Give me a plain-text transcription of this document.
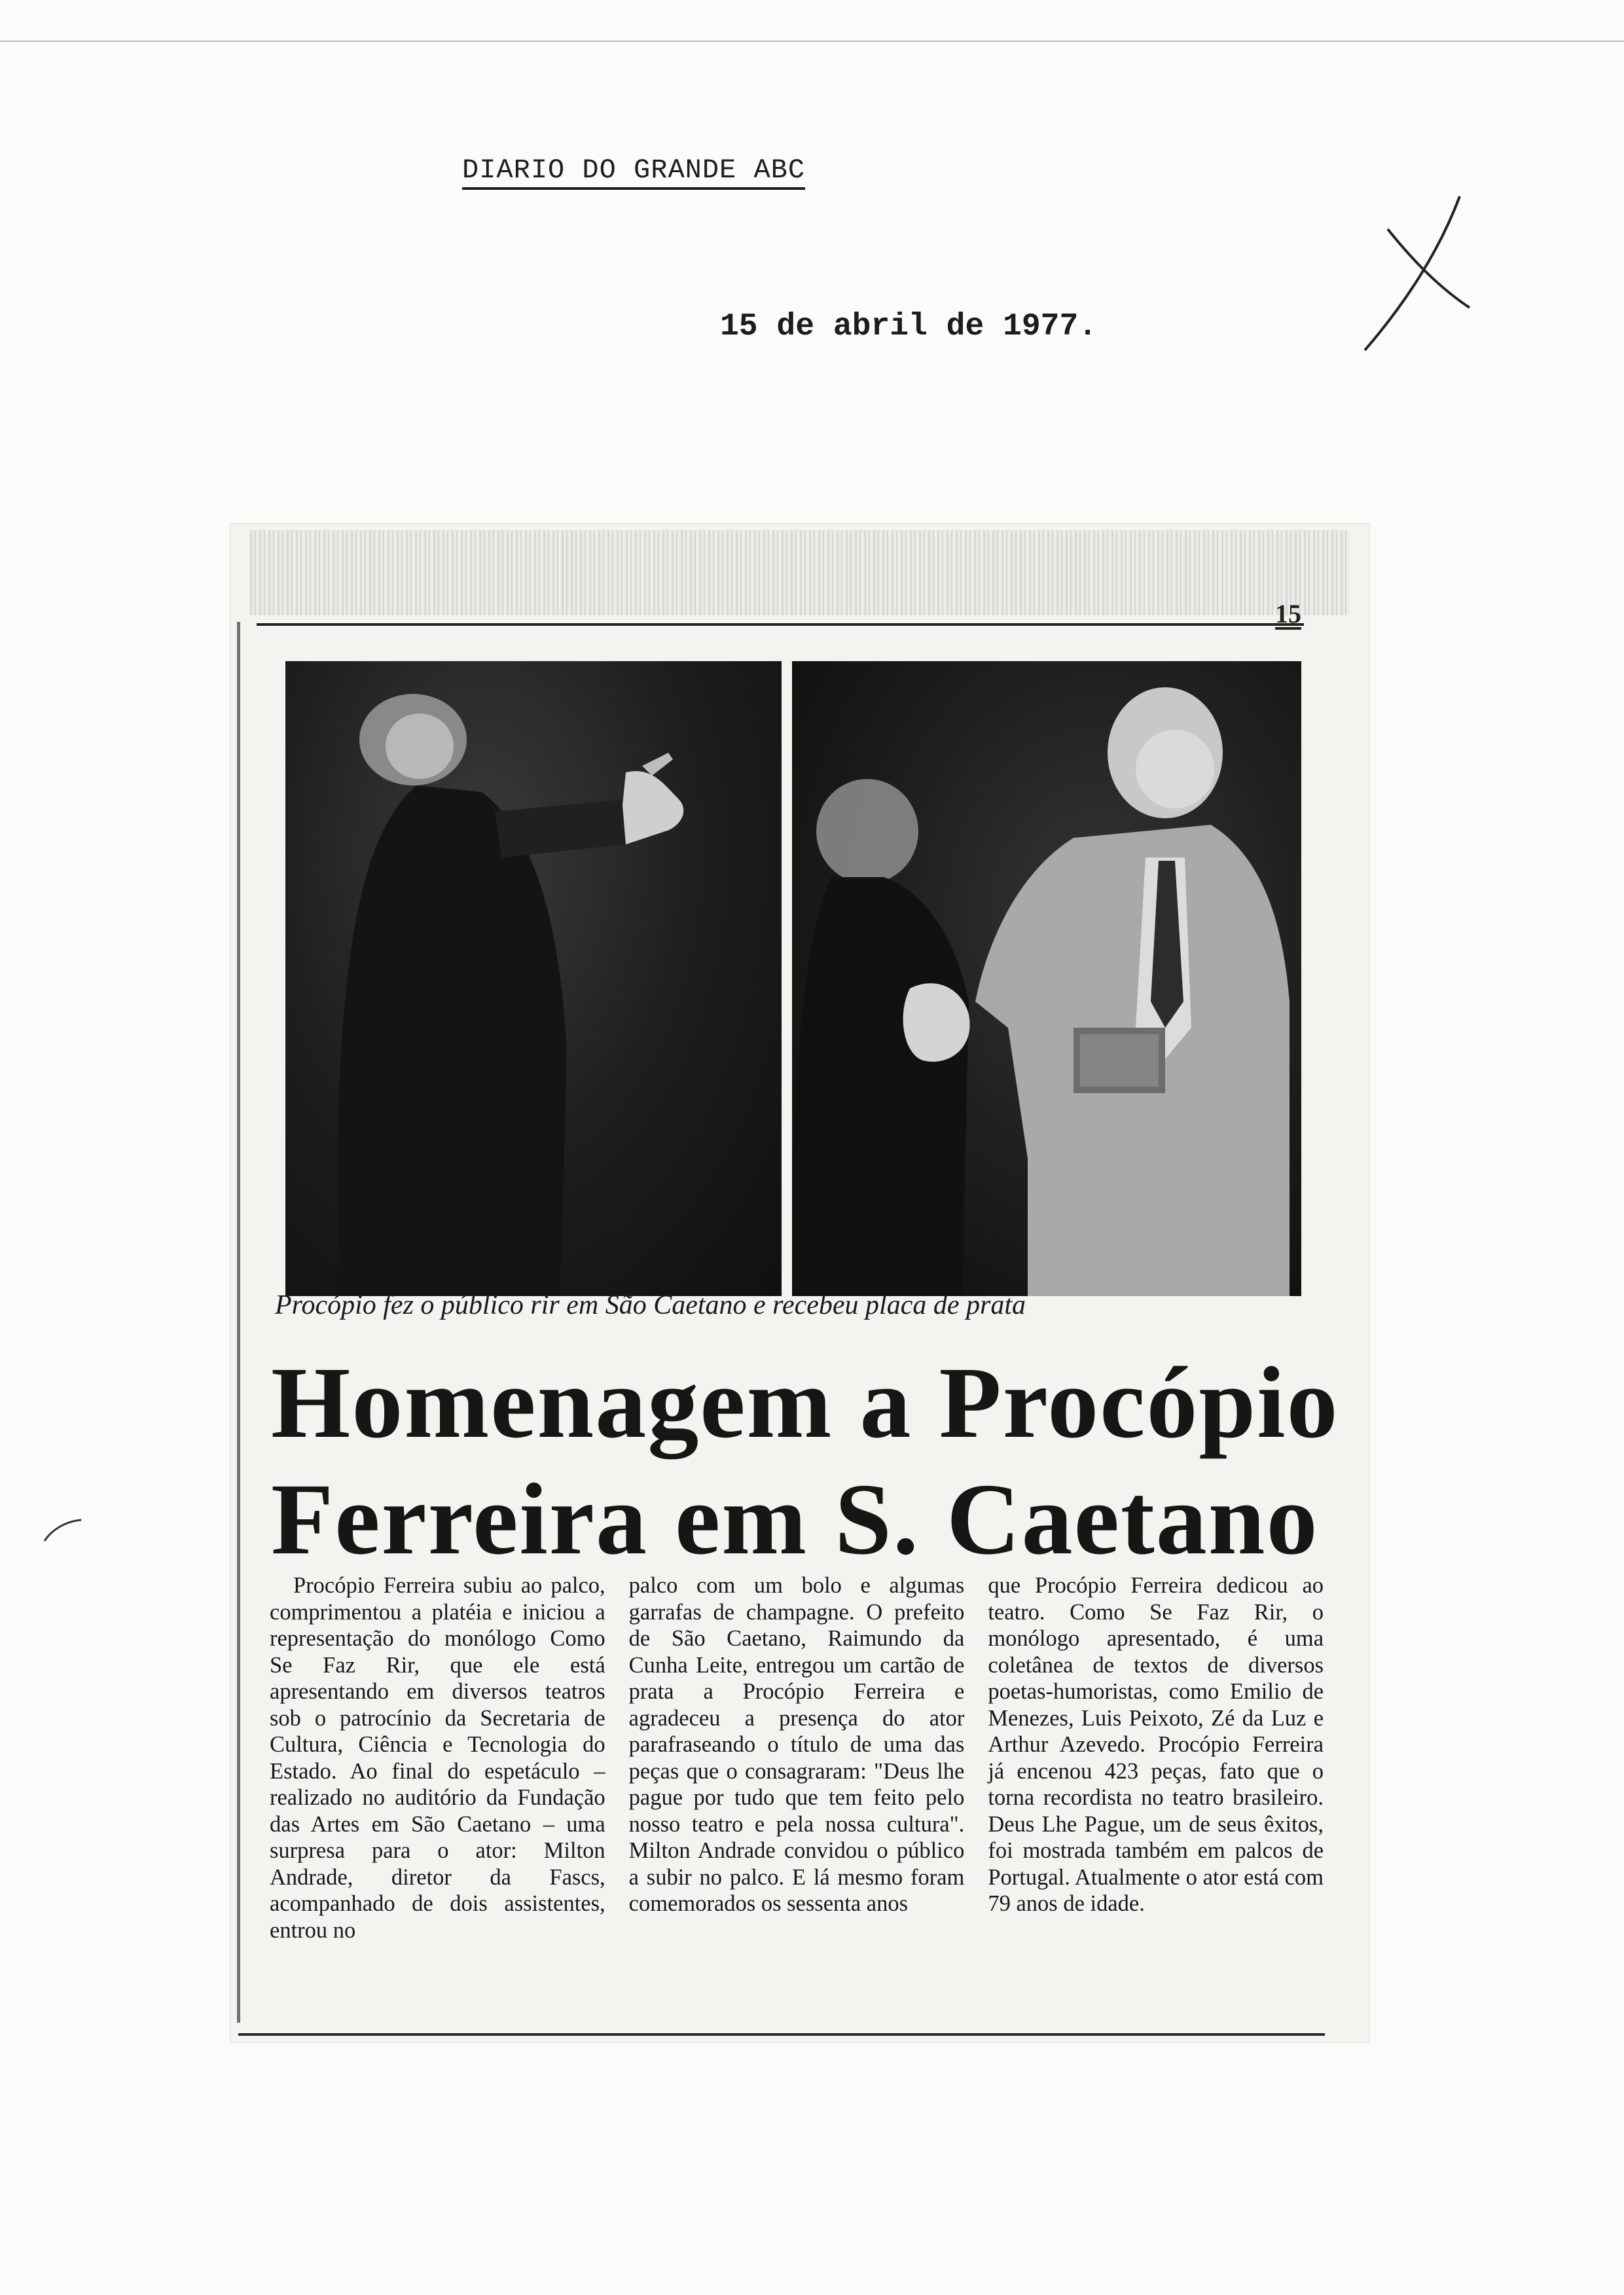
DIARIO DO GRANDE ABC
15 de abril de 1977.
15
Procópio fez o público rir em São Caetano e recebeu placa de prata
Homenagem a Procópio
Ferreira em S. Caetano

Procópio Ferreira subiu ao palco, comprimentou a platéia e iniciou a representação do monólogo Como Se Faz Rir, que ele está apresentando em diversos teatros sob o patrocínio da Secretaria de Cultura, Ciência e Tecnologia do Estado. Ao final do espetáculo – realizado no auditório da Fundação das Artes em São Caetano – uma surpresa para o ator: Milton Andrade, diretor da Fascs, acompanhado de dois assistentes, entrou no

palco com um bolo e algumas garrafas de champagne. O prefeito de São Caetano, Raimundo da Cunha Leite, entregou um cartão de prata a Procópio Ferreira e agradeceu a presença do ator parafraseando o título de uma das peças que o consagraram: "Deus lhe pague por tudo que tem feito pelo nosso teatro e pela nossa cultura". Milton Andrade convidou o público a subir no palco. E lá mesmo foram comemorados os sessenta anos

que Procópio Ferreira dedicou ao teatro. Como Se Faz Rir, o monólogo apresentado, é uma coletânea de textos de diversos poetas-humoristas, como Emilio de Menezes, Luis Peixoto, Zé da Luz e Arthur Azevedo. Procópio Ferreira já encenou 423 peças, fato que o torna recordista no teatro brasileiro. Deus Lhe Pague, um de seus êxitos, foi mostrada também em palcos de Portugal. Atualmente o ator está com 79 anos de idade.
